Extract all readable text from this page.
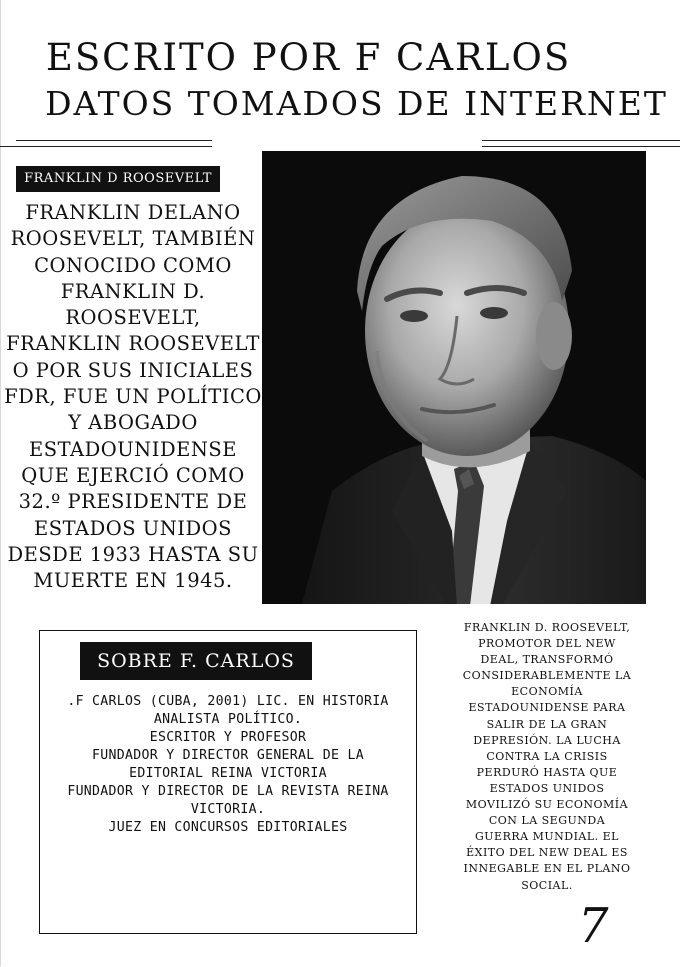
ESCRITO POR F CARLOS
DATOS TOMADOS DE INTERNET
FRANKLIN D ROOSEVELT
FRANKLIN DELANO
ROOSEVELT, TAMBIÉN
CONOCIDO COMO
FRANKLIN D.
ROOSEVELT,
FRANKLIN ROOSEVELT
O POR SUS INICIALES
FDR, FUE UN POLÍTICO
Y ABOGADO
ESTADOUNIDENSE
QUE EJERCIÓ COMO
32.º PRESIDENTE DE
ESTADOS UNIDOS
DESDE 1933 HASTA SU
MUERTE EN 1945.
SOBRE F. CARLOS
.F CARLOS (CUBA, 2001) LIC. EN HISTORIA
ANALISTA POLÍTICO.
ESCRITOR Y PROFESOR
FUNDADOR Y DIRECTOR GENERAL DE LA
EDITORIAL REINA VICTORIA
FUNDADOR Y DIRECTOR DE LA REVISTA REINA
VICTORIA.
JUEZ EN CONCURSOS EDITORIALES
FRANKLIN D. ROOSEVELT,
PROMOTOR DEL NEW
DEAL, TRANSFORMÓ
CONSIDERABLEMENTE LA
ECONOMÍA
ESTADOUNIDENSE PARA
SALIR DE LA GRAN
DEPRESIÓN. LA LUCHA
CONTRA LA CRISIS
PERDURÓ HASTA QUE
ESTADOS UNIDOS
MOVILIZÓ SU ECONOMÍA
CON LA SEGUNDA
GUERRA MUNDIAL. EL
ÉXITO DEL NEW DEAL ES
INNEGABLE EN EL PLANO
SOCIAL.
7
